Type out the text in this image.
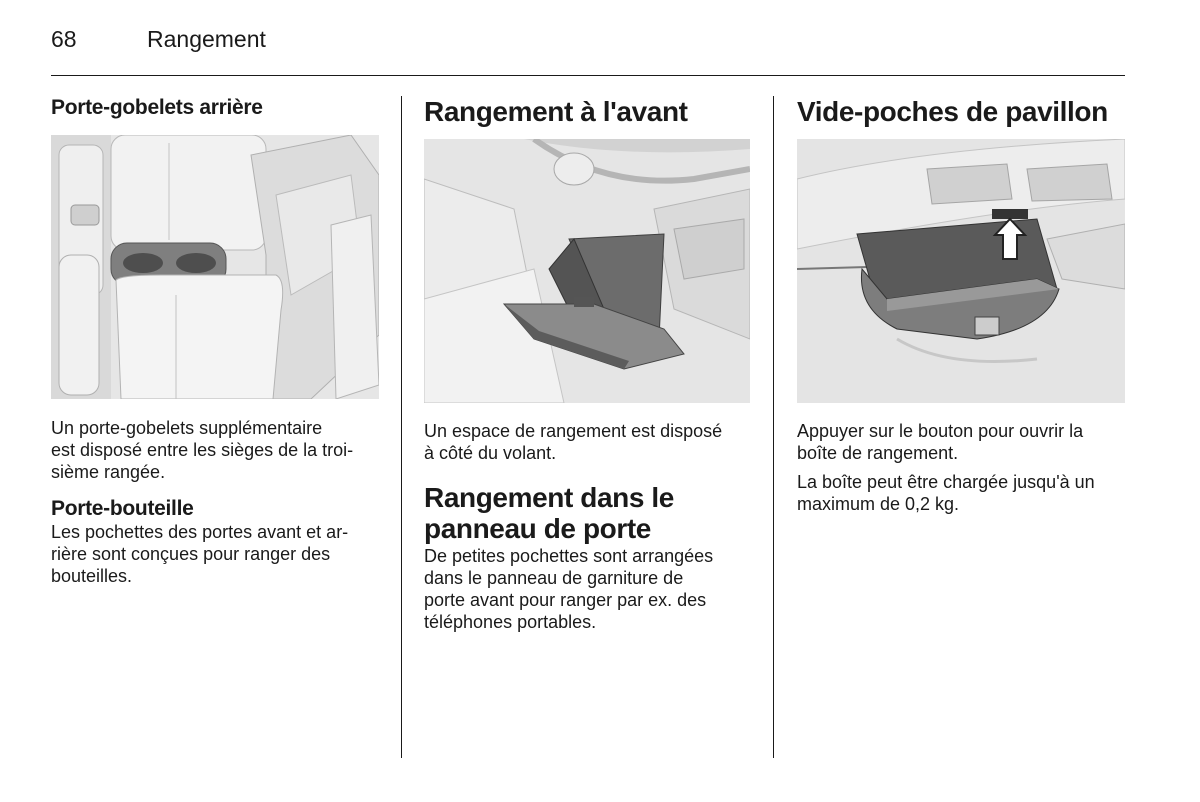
68	Rangement
Porte-gobelets arrière

Un porte-gobelets supplémentaire
est disposé entre les sièges de la troi-
sième rangée.

Porte-bouteille

Les pochettes des portes avant et ar-
rière sont conçues pour ranger des
bouteilles.

Rangement à l'avant

Un espace de rangement est disposé
à côté du volant.

Rangement dans le
panneau de porte

De petites pochettes sont arrangées
dans le panneau de garniture de
porte avant pour ranger par ex. des
téléphones portables.

Vide-poches de pavillon

Appuyer sur le bouton pour ouvrir la
boîte de rangement.

La boîte peut être chargée jusqu'à un
maximum de 0,2 kg.
